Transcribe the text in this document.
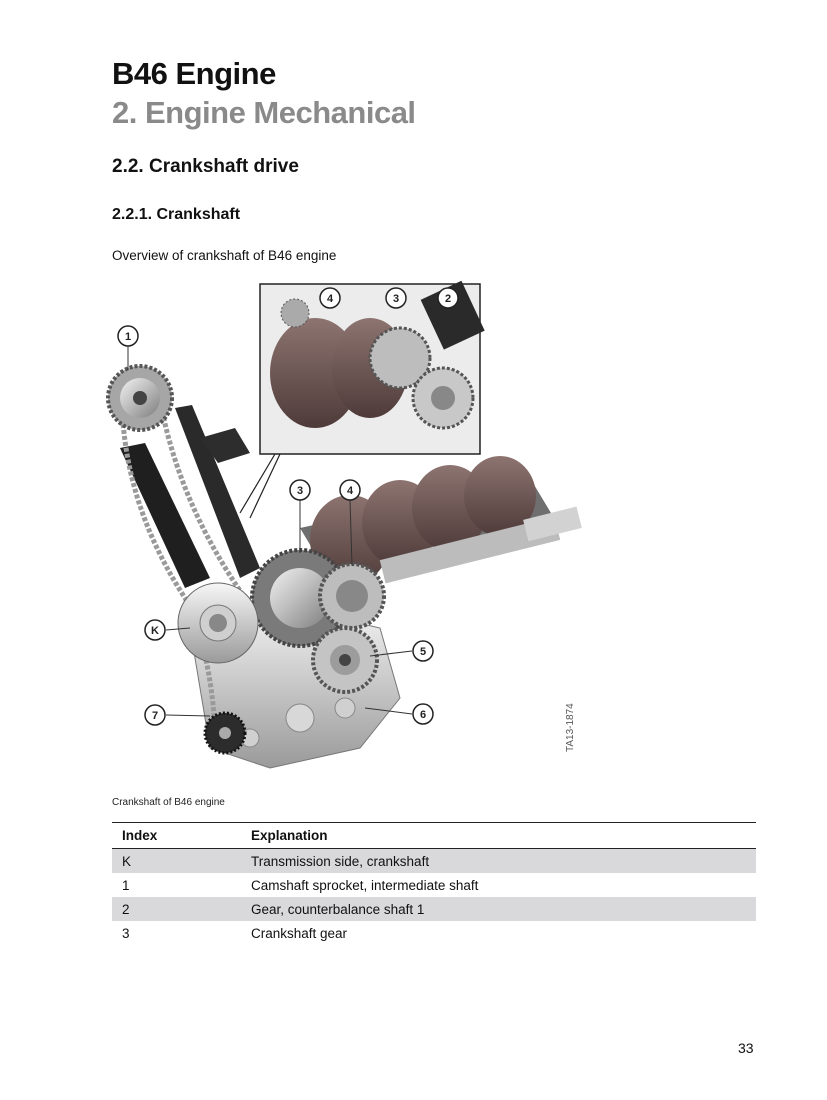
B46 Engine
2. Engine Mechanical
2.2. Crankshaft drive
2.2.1. Crankshaft

Overview of crankshaft of B46 engine

1
3	4
K
5
7	6
4	3	2
TA13-1874
Crankshaft of B46 engine
Index	Explanation
K	Transmission side, crankshaft
1	Camshaft sprocket, intermediate shaft
2	Gear, counterbalance shaft 1
3	Crankshaft gear
33
